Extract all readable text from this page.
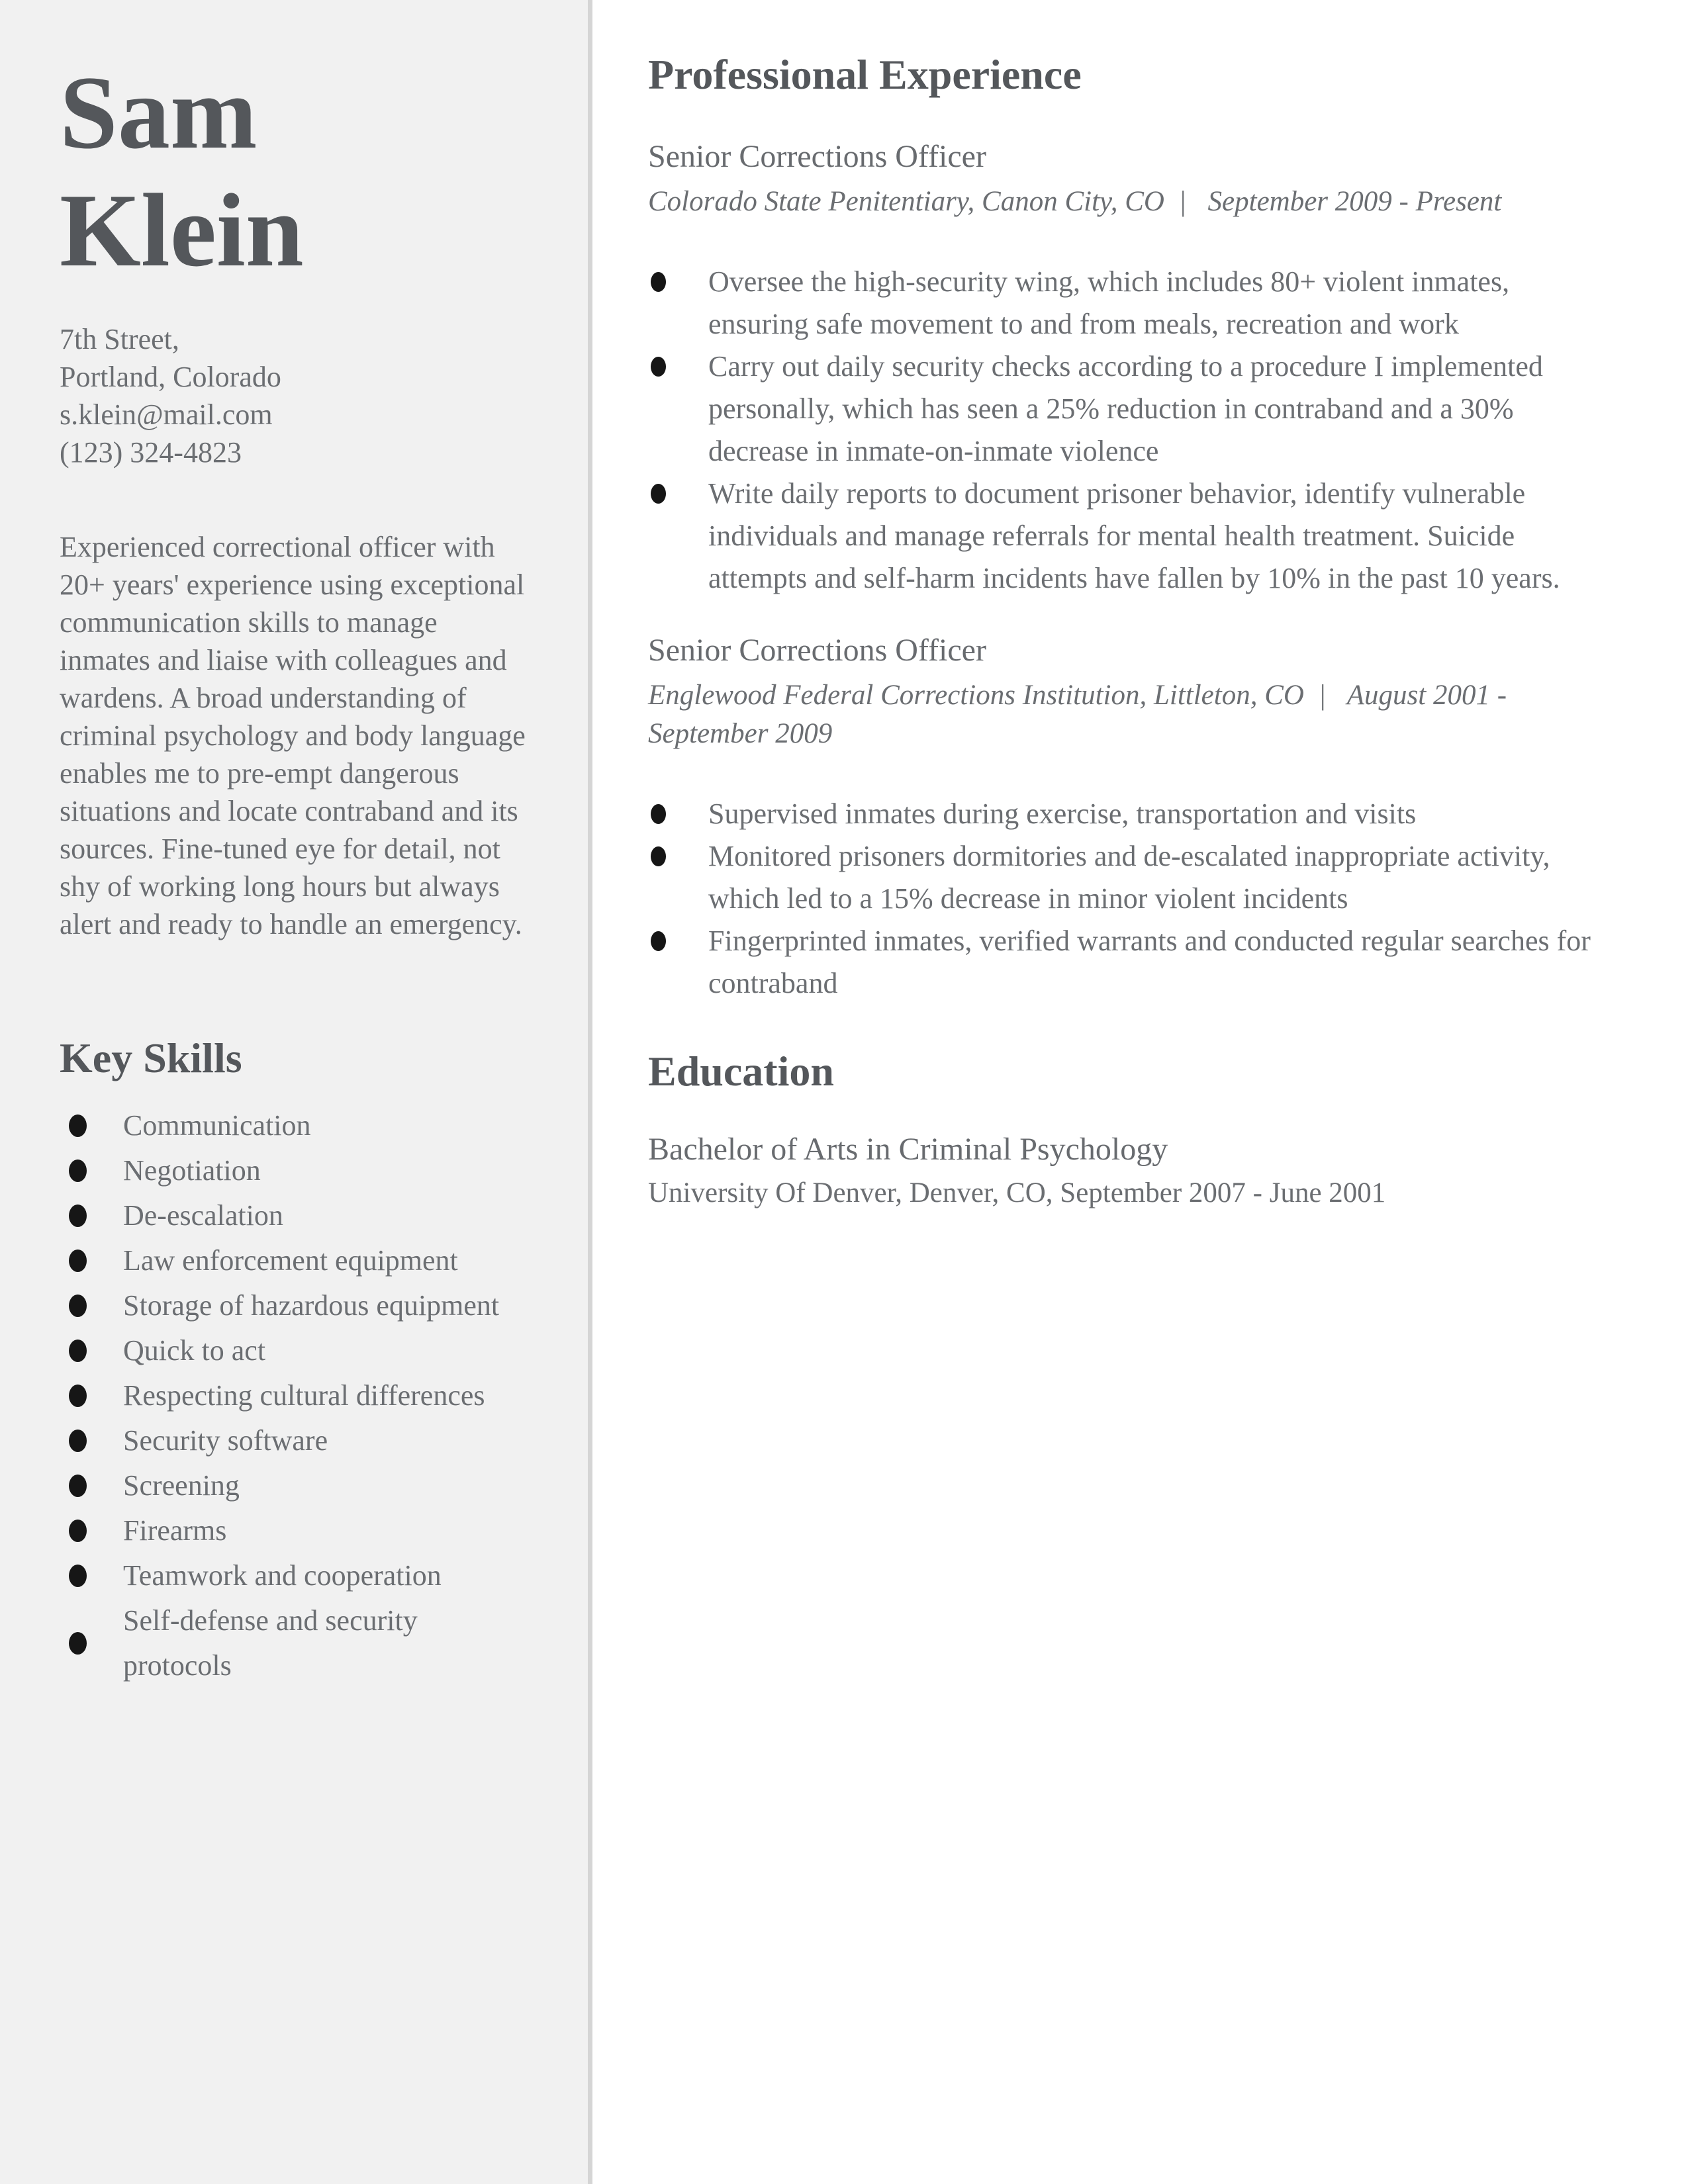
Sam
Klein
7th Street,
Portland, Colorado
s.klein@mail.com
(123) 324-4823

Experienced correctional officer with 20+ years' experience using exceptional communication skills to manage inmates and liaise with colleagues and wardens. A broad understanding of criminal psychology and body language enables me to pre-empt dangerous situations and locate contraband and its sources. Fine-tuned eye for detail, not shy of working long hours but always alert and ready to handle an emergency.

Key Skills
Communication
Negotiation
De-escalation
Law enforcement equipment
Storage of hazardous equipment
Quick to act
Respecting cultural differences
Security software
Screening
Firearms
Teamwork and cooperation
Self-defense and security protocols
Professional Experience
Senior Corrections Officer
Colorado State Penitentiary, Canon City, CO |  September 2009 - Present
Oversee the high-security wing, which includes 80+ violent inmates, ensuring safe movement to and from meals, recreation and work
Carry out daily security checks according to a procedure I implemented personally, which has seen a 25% reduction in contraband and a 30% decrease in inmate-on-inmate violence
Write daily reports to document prisoner behavior, identify vulnerable individuals and manage referrals for mental health treatment. Suicide attempts and self-harm incidents have fallen by 10% in the past 10 years.
Senior Corrections Officer
Englewood Federal Corrections Institution, Littleton, CO |  August 2001 - September 2009
Supervised inmates during exercise, transportation and visits
Monitored prisoners dormitories and de-escalated inappropriate activity, which led to a 15% decrease in minor violent incidents
Fingerprinted inmates, verified warrants and conducted regular searches for contraband
Education
Bachelor of Arts in Criminal Psychology
University Of Denver, Denver, CO, September 2007 - June 2001
